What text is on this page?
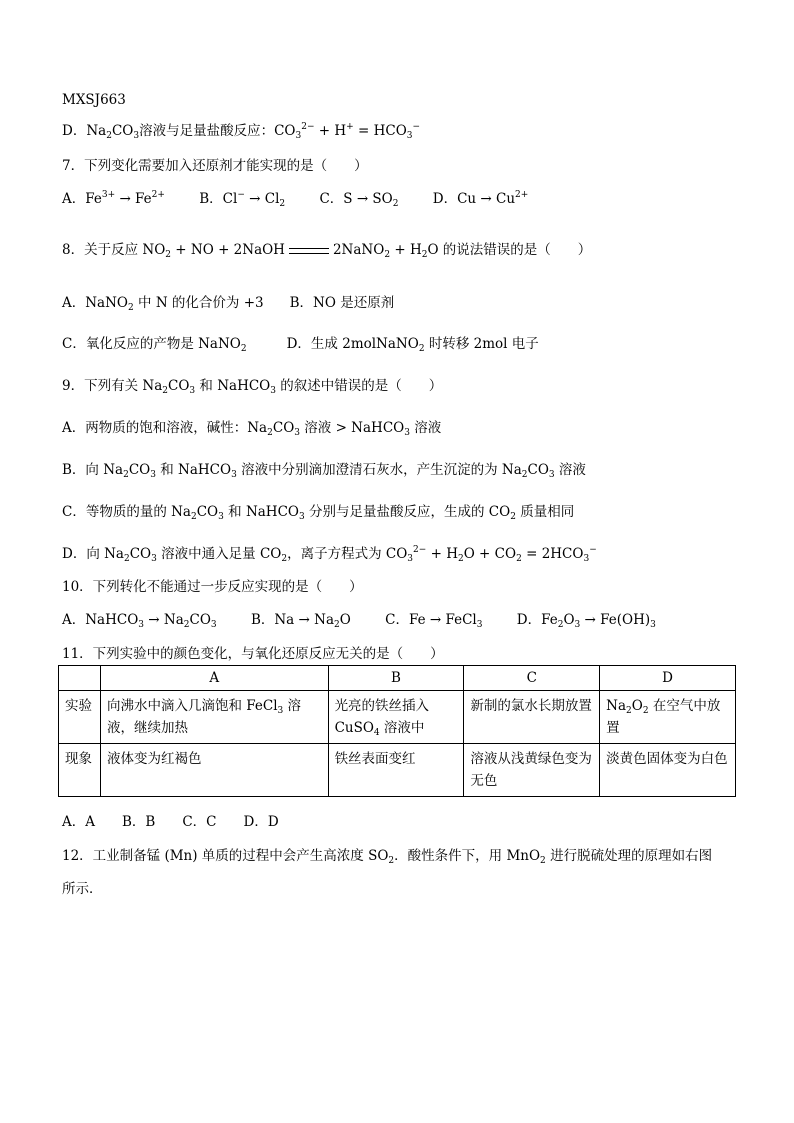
MXSJ663
D．$Na_2CO_3$溶液与足量盐酸反应：$CO_3^{2-} + H^+ = HCO_3^-$
7．下列变化需要加入还原剂才能实现的是（　　）
A．$Fe^{3+} \to Fe^{2+}$	B．$Cl^- \to Cl_2$	C．$S \to SO_2$	D．$Cu \to Cu^{2+}$
8．关于反应 $NO_2$ + NO + 2NaOH	2NaNO$_2$ + $H_2O$ 的说法错误的是（　　）
A．NaNO$_2$ 中 N 的化合价为 +3 B．NO 是还原剂
C．氧化反应的产物是 NaNO$_2$	D．生成 2molNaNO$_2$ 时转移 2mol 电子
9．下列有关 $Na_2CO_3$ 和 NaHCO$_3$ 的叙述中错误的是（　　）
A．两物质的饱和溶液，碱性：$Na_2CO_3$ 溶液 > NaHCO$_3$ 溶液
B．向 $Na_2CO_3$ 和 NaHCO$_3$ 溶液中分别滴加澄清石灰水，产生沉淀的为 $Na_2CO_3$ 溶液
C．等物质的量的 $Na_2CO_3$ 和 NaHCO$_3$ 分别与足量盐酸反应，生成的 $CO_2$ 质量相同
D．向 $Na_2CO_3$ 溶液中通入足量 $CO_2$，离子方程式为 $CO_3^{2-} + H_2O + CO_2 = 2HCO_3^-$
10．下列转化不能通过一步反应实现的是（　　）
A．NaHCO$_3$ → $Na_2CO_3$	B．$Na \to Na_2O$	C．Fe → FeCl$_3$	D．$Fe_2O_3 \to Fe(OH)_3$
11．下列实验中的颜色变化，与氧化还原反应无关的是（　　）
	A	B	C	D
实验	向沸水中滴入几滴饱和 FeCl$_3$ 溶液，继续加热	光亮的铁丝插入 CuSO$_4$ 溶液中	新制的氯水长期放置	$Na_2O_2$ 在空气中放置
现象	液体变为红褐色	铁丝表面变红	溶液从浅黄绿色变为无色	淡黄色固体变为白色
A．A　　B．B　　C．C　　D．D
12．工业制备锰 (Mn) 单质的过程中会产生高浓度 $SO_2$．酸性条件下，用 MnO$_2$ 进行脱硫处理的原理如右图
所示．
